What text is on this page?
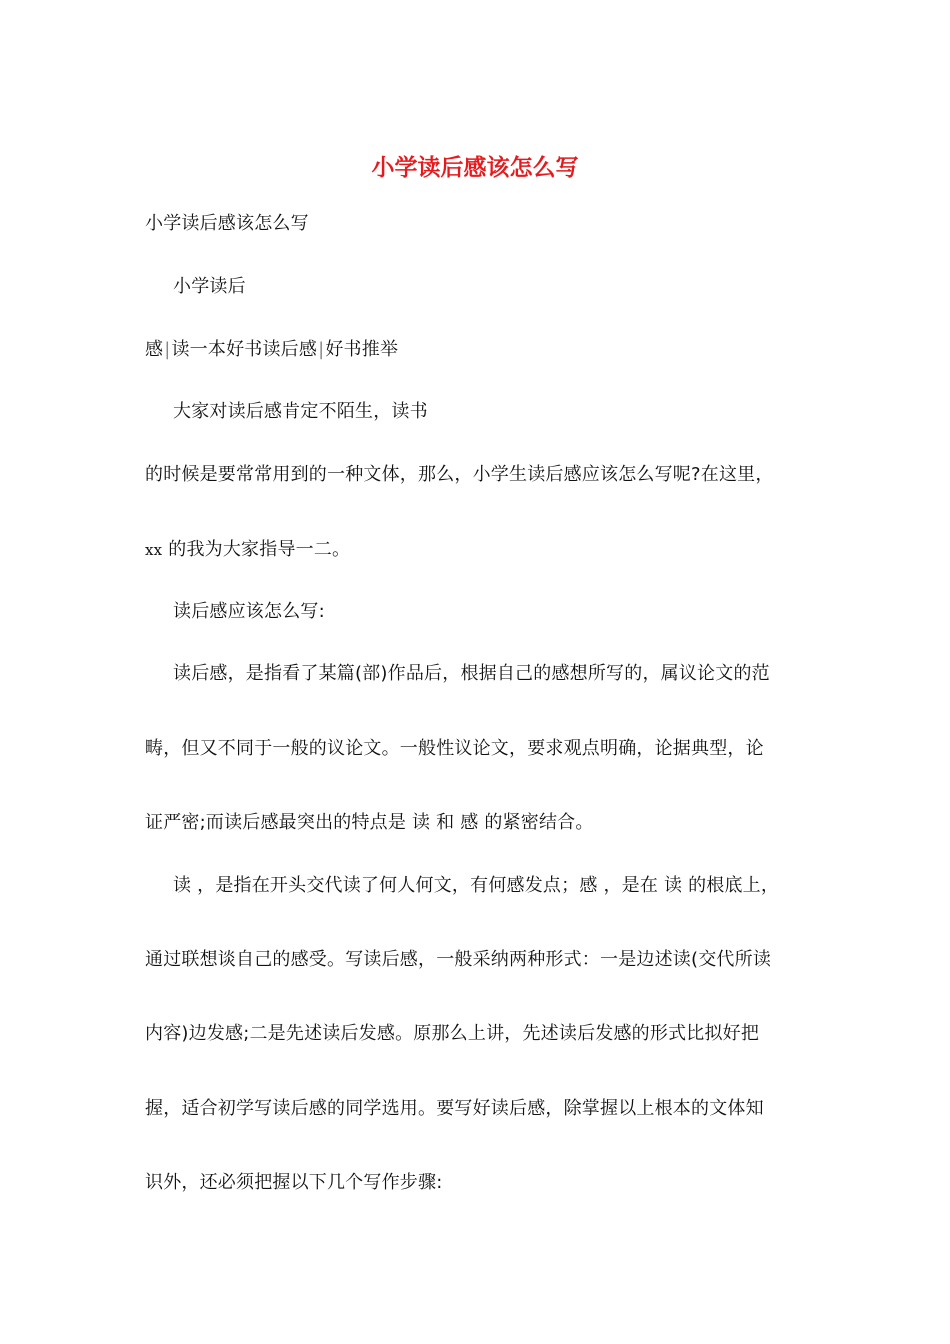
小学读后感该怎么写
小学读后感该怎么写
小学读后
感|读一本好书读后感|好书推举
大家对读后感肯定不陌生，读书
的时候是要常常用到的一种文体，那么，小学生读后感应该怎么写呢?在这里，
xx 的我为大家指导一二。
读后感应该怎么写:
读后感，是指看了某篇(部)作品后，根据自己的感想所写的，属议论文的范
畴，但又不同于一般的议论文。一般性议论文，要求观点明确，论据典型，论
证严密;而读后感最突出的特点是 读 和 感 的紧密结合。
读 ，是指在开头交代读了何人何文，有何感发点；感 ，是在 读 的根底上，
通过联想谈自己的感受。写读后感，一般采纳两种形式：一是边述读(交代所读
内容)边发感;二是先述读后发感。原那么上讲，先述读后发感的形式比拟好把
握，适合初学写读后感的同学选用。要写好读后感，除掌握以上根本的文体知
识外，还必须把握以下几个写作步骤:
